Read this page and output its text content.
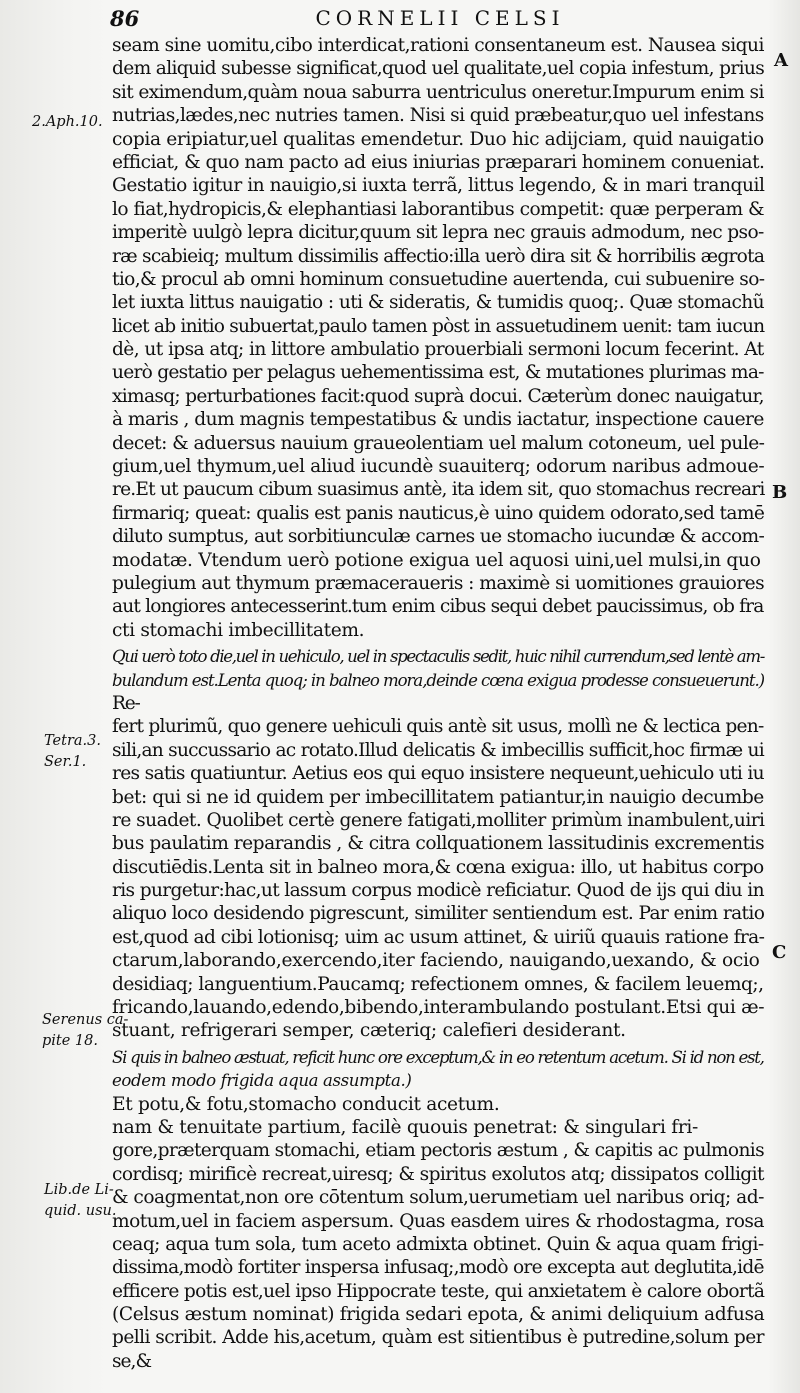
86	CORNELII CELSI
A
B
C
2.Aph.10.
Tetra.3.
Ser.1.
Serenus ca-
pite 18.
Lib.de Li-
quid. usu.
seam sine uomitu,cibo interdicat,rationi consentaneum est. Nausea siqui
dem aliquid subesse significat,quod uel qualitate,uel copia infestum, prius
sit eximendum,quàm noua saburra uentriculus oneretur.Impurum enim si
nutrias,lædes,nec nutries tamen. Nisi si quid præbeatur,quo uel infestans
copia eripiatur,uel qualitas emendetur. Duo hic adijciam, quid nauigatio
efficiat, & quo nam pacto ad eius iniurias præparari hominem conueniat.
Gestatio igitur in nauigio,si iuxta terrã, littus legendo, & in mari tranquil
lo fiat,hydropicis,& elephantiasi laborantibus competit: quæ perperam &
imperitè uulgò lepra dicitur,quum sit lepra nec grauis admodum, nec pso-
ræ scabieiq; multum dissimilis affectio:illa uerò dira sit & horribilis ægrota
tio,& procul ab omni hominum consuetudine auertenda, cui subuenire so-
let iuxta littus nauigatio : uti & sideratis, & tumidis quoq;. Quæ stomachũ
licet ab initio subuertat,paulo tamen pòst in assuetudinem uenit: tam iucun
dè, ut ipsa atq; in littore ambulatio prouerbiali sermoni locum fecerint. At
uerò gestatio per pelagus uehementissima est, & mutationes plurimas ma-
ximasq; perturbationes facit:quod suprà docui. Cæterùm donec nauigatur,
à maris , dum magnis tempestatibus & undis iactatur, inspectione cauere
decet: & aduersus nauium graueolentiam uel malum cotoneum, uel pule-
gium,uel thymum,uel aliud iucundè suauiterq; odorum naribus admoue-
re.Et ut paucum cibum suasimus antè, ita idem sit, quo stomachus recreari
firmariq; queat: qualis est panis nauticus,è uino quidem odorato,sed tamē
diluto sumptus, aut sorbitiunculæ carnes ue stomacho iucundæ & accom-
modatæ. Vtendum uerò potione exigua uel aquosi uini,uel mulsi,in quo
pulegium aut thymum præmaceraueris : maximè si uomitiones grauiores
aut longiores antecesserint.tum enim cibus sequi debet paucissimus, ob fra
cti stomachi imbecillitatem.
Qui uerò toto die,uel in uehiculo, uel in spectaculis sedit, huic nihil currendum,sed lentè am-
bulandum est.Lenta quoq; in balneo mora,deinde cœna exigua prodesse consueuerunt.)
Re-
fert plurimũ, quo genere uehiculi quis antè sit usus, mollì ne & lectica pen-
sili,an succussario ac rotato.Illud delicatis & imbecillis sufficit,hoc firmæ ui
res satis quatiuntur. Aetius eos qui equo insistere nequeunt,uehiculo uti iu
bet: qui si ne id quidem per imbecillitatem patiantur,in nauigio decumbe
re suadet. Quolibet certè genere fatigati,molliter primùm inambulent,uiri
bus paulatim reparandis , & citra collquationem lassitudinis excrementis
discutiēdis.Lenta sit in balneo mora,& cœna exigua: illo, ut habitus corpo
ris purgetur:hac,ut lassum corpus modicè reficiatur. Quod de ijs qui diu in
aliquo loco desidendo pigrescunt, similiter sentiendum est. Par enim ratio
est,quod ad cibi lotionisq; uim ac usum attinet, & uiriũ quauis ratione fra-
ctarum,laborando,exercendo,iter faciendo, nauigando,uexando, & ocio
desidiaq; languentium.Paucamq; refectionem omnes, & facilem leuemq;,
fricando,lauando,edendo,bibendo,interambulando postulant.Etsi qui æ-
stuant, refrigerari semper, cæteriq; calefieri desiderant.
Si quis in balneo æstuat, reficit hunc ore exceptum,& in eo retentum acetum. Si id non est,
eodem modo frigida aqua assumpta.)
Et potu,& fotu,stomacho conducit acetum.
nam & tenuitate partium, facilè quouis penetrat: & singulari fri-
gore,præterquam stomachi, etiam pectoris æstum , & capitis ac pulmonis
cordisq; mirificè recreat,uiresq; & spiritus exolutos atq; dissipatos colligit
& coagmentat,non ore cōtentum solum,uerumetiam uel naribus oriq; ad-
motum,uel in faciem aspersum. Quas easdem uires & rhodostagma, rosa
ceaq; aqua tum sola, tum aceto admixta obtinet. Quin & aqua quam frigi-
dissima,modò fortiter inspersa infusaq;,modò ore excepta aut deglutita,idē
efficere potis est,uel ipso Hippocrate teste, qui anxietatem è calore obortã
(Celsus æstum nominat) frigida sedari epota, & animi deliquium adfusa
pelli scribit. Adde his,acetum, quàm est sitientibus è putredine,solum per
se,&
